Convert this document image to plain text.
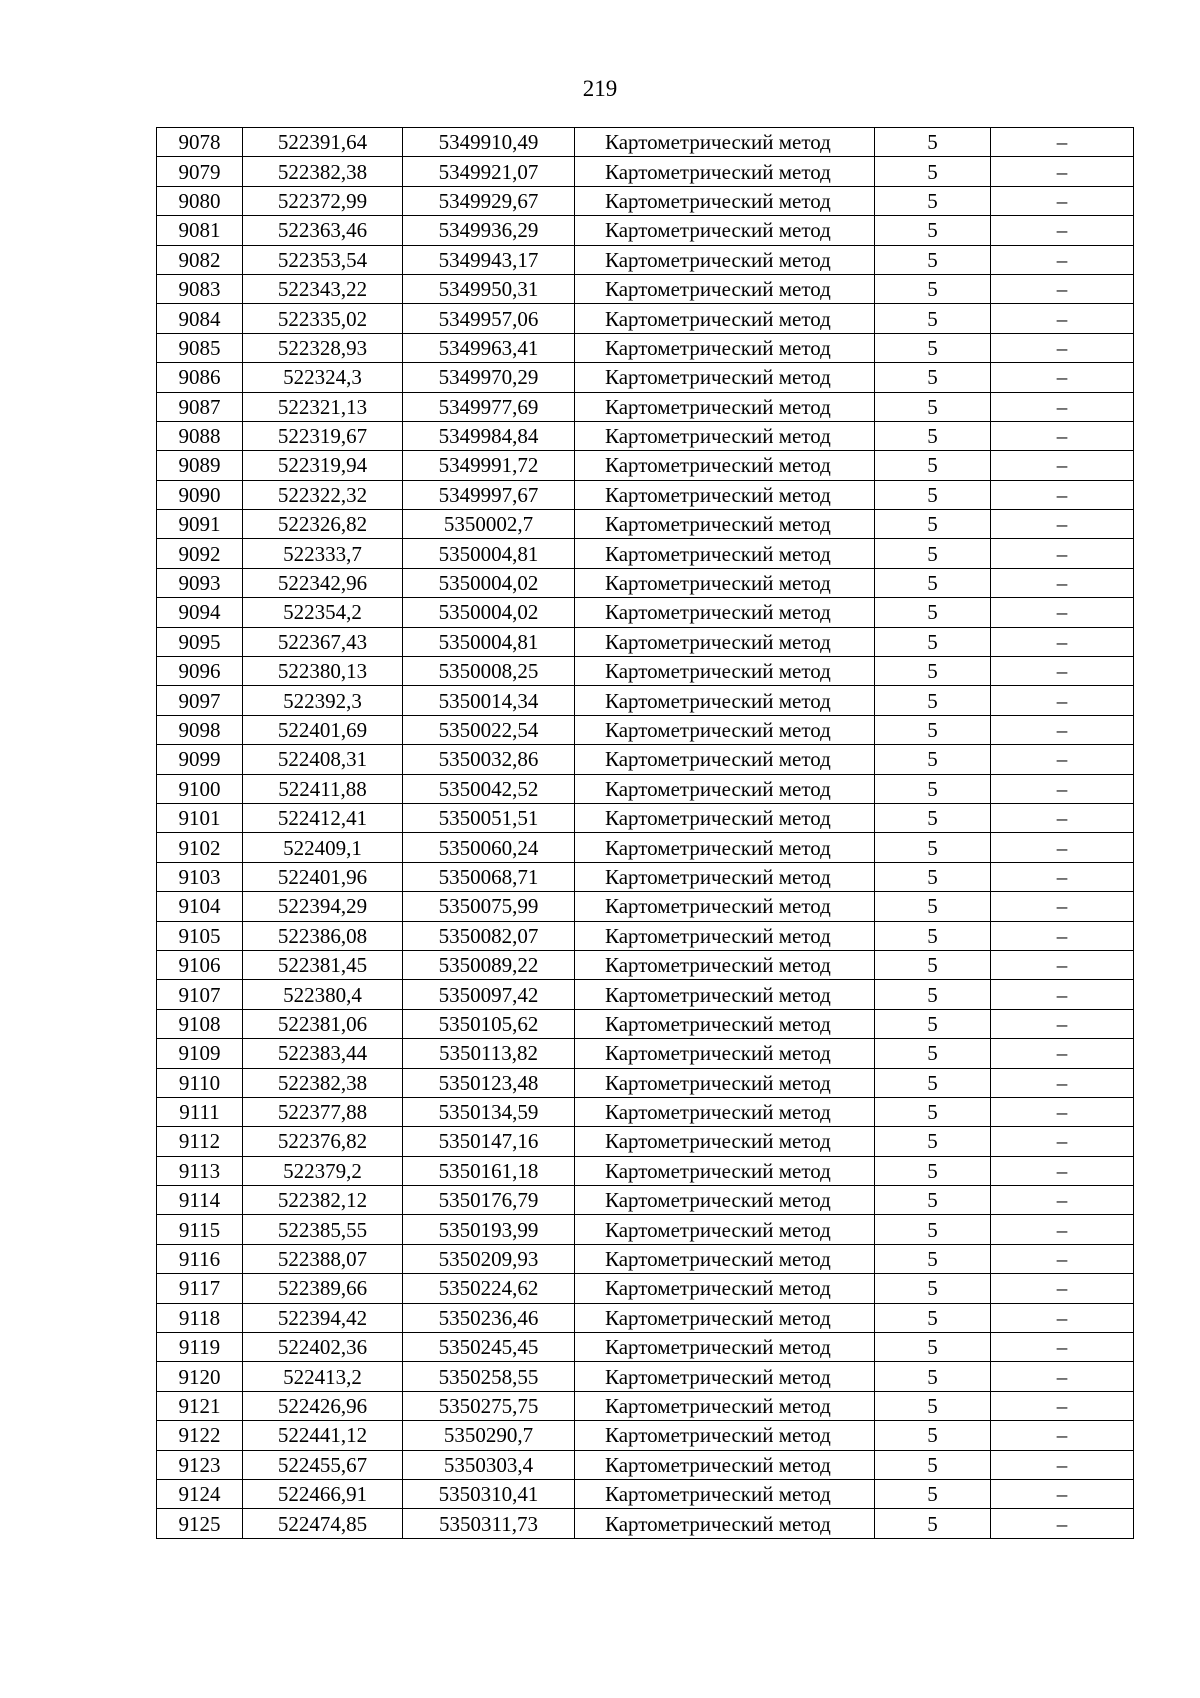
219
9078	522391,64	5349910,49	Картометрический метод	5	–
9079	522382,38	5349921,07	Картометрический метод	5	–
9080	522372,99	5349929,67	Картометрический метод	5	–
9081	522363,46	5349936,29	Картометрический метод	5	–
9082	522353,54	5349943,17	Картометрический метод	5	–
9083	522343,22	5349950,31	Картометрический метод	5	–
9084	522335,02	5349957,06	Картометрический метод	5	–
9085	522328,93	5349963,41	Картометрический метод	5	–
9086	522324,3	5349970,29	Картометрический метод	5	–
9087	522321,13	5349977,69	Картометрический метод	5	–
9088	522319,67	5349984,84	Картометрический метод	5	–
9089	522319,94	5349991,72	Картометрический метод	5	–
9090	522322,32	5349997,67	Картометрический метод	5	–
9091	522326,82	5350002,7	Картометрический метод	5	–
9092	522333,7	5350004,81	Картометрический метод	5	–
9093	522342,96	5350004,02	Картометрический метод	5	–
9094	522354,2	5350004,02	Картометрический метод	5	–
9095	522367,43	5350004,81	Картометрический метод	5	–
9096	522380,13	5350008,25	Картометрический метод	5	–
9097	522392,3	5350014,34	Картометрический метод	5	–
9098	522401,69	5350022,54	Картометрический метод	5	–
9099	522408,31	5350032,86	Картометрический метод	5	–
9100	522411,88	5350042,52	Картометрический метод	5	–
9101	522412,41	5350051,51	Картометрический метод	5	–
9102	522409,1	5350060,24	Картометрический метод	5	–
9103	522401,96	5350068,71	Картометрический метод	5	–
9104	522394,29	5350075,99	Картометрический метод	5	–
9105	522386,08	5350082,07	Картометрический метод	5	–
9106	522381,45	5350089,22	Картометрический метод	5	–
9107	522380,4	5350097,42	Картометрический метод	5	–
9108	522381,06	5350105,62	Картометрический метод	5	–
9109	522383,44	5350113,82	Картометрический метод	5	–
9110	522382,38	5350123,48	Картометрический метод	5	–
9111	522377,88	5350134,59	Картометрический метод	5	–
9112	522376,82	5350147,16	Картометрический метод	5	–
9113	522379,2	5350161,18	Картометрический метод	5	–
9114	522382,12	5350176,79	Картометрический метод	5	–
9115	522385,55	5350193,99	Картометрический метод	5	–
9116	522388,07	5350209,93	Картометрический метод	5	–
9117	522389,66	5350224,62	Картометрический метод	5	–
9118	522394,42	5350236,46	Картометрический метод	5	–
9119	522402,36	5350245,45	Картометрический метод	5	–
9120	522413,2	5350258,55	Картометрический метод	5	–
9121	522426,96	5350275,75	Картометрический метод	5	–
9122	522441,12	5350290,7	Картометрический метод	5	–
9123	522455,67	5350303,4	Картометрический метод	5	–
9124	522466,91	5350310,41	Картометрический метод	5	–
9125	522474,85	5350311,73	Картометрический метод	5	–
